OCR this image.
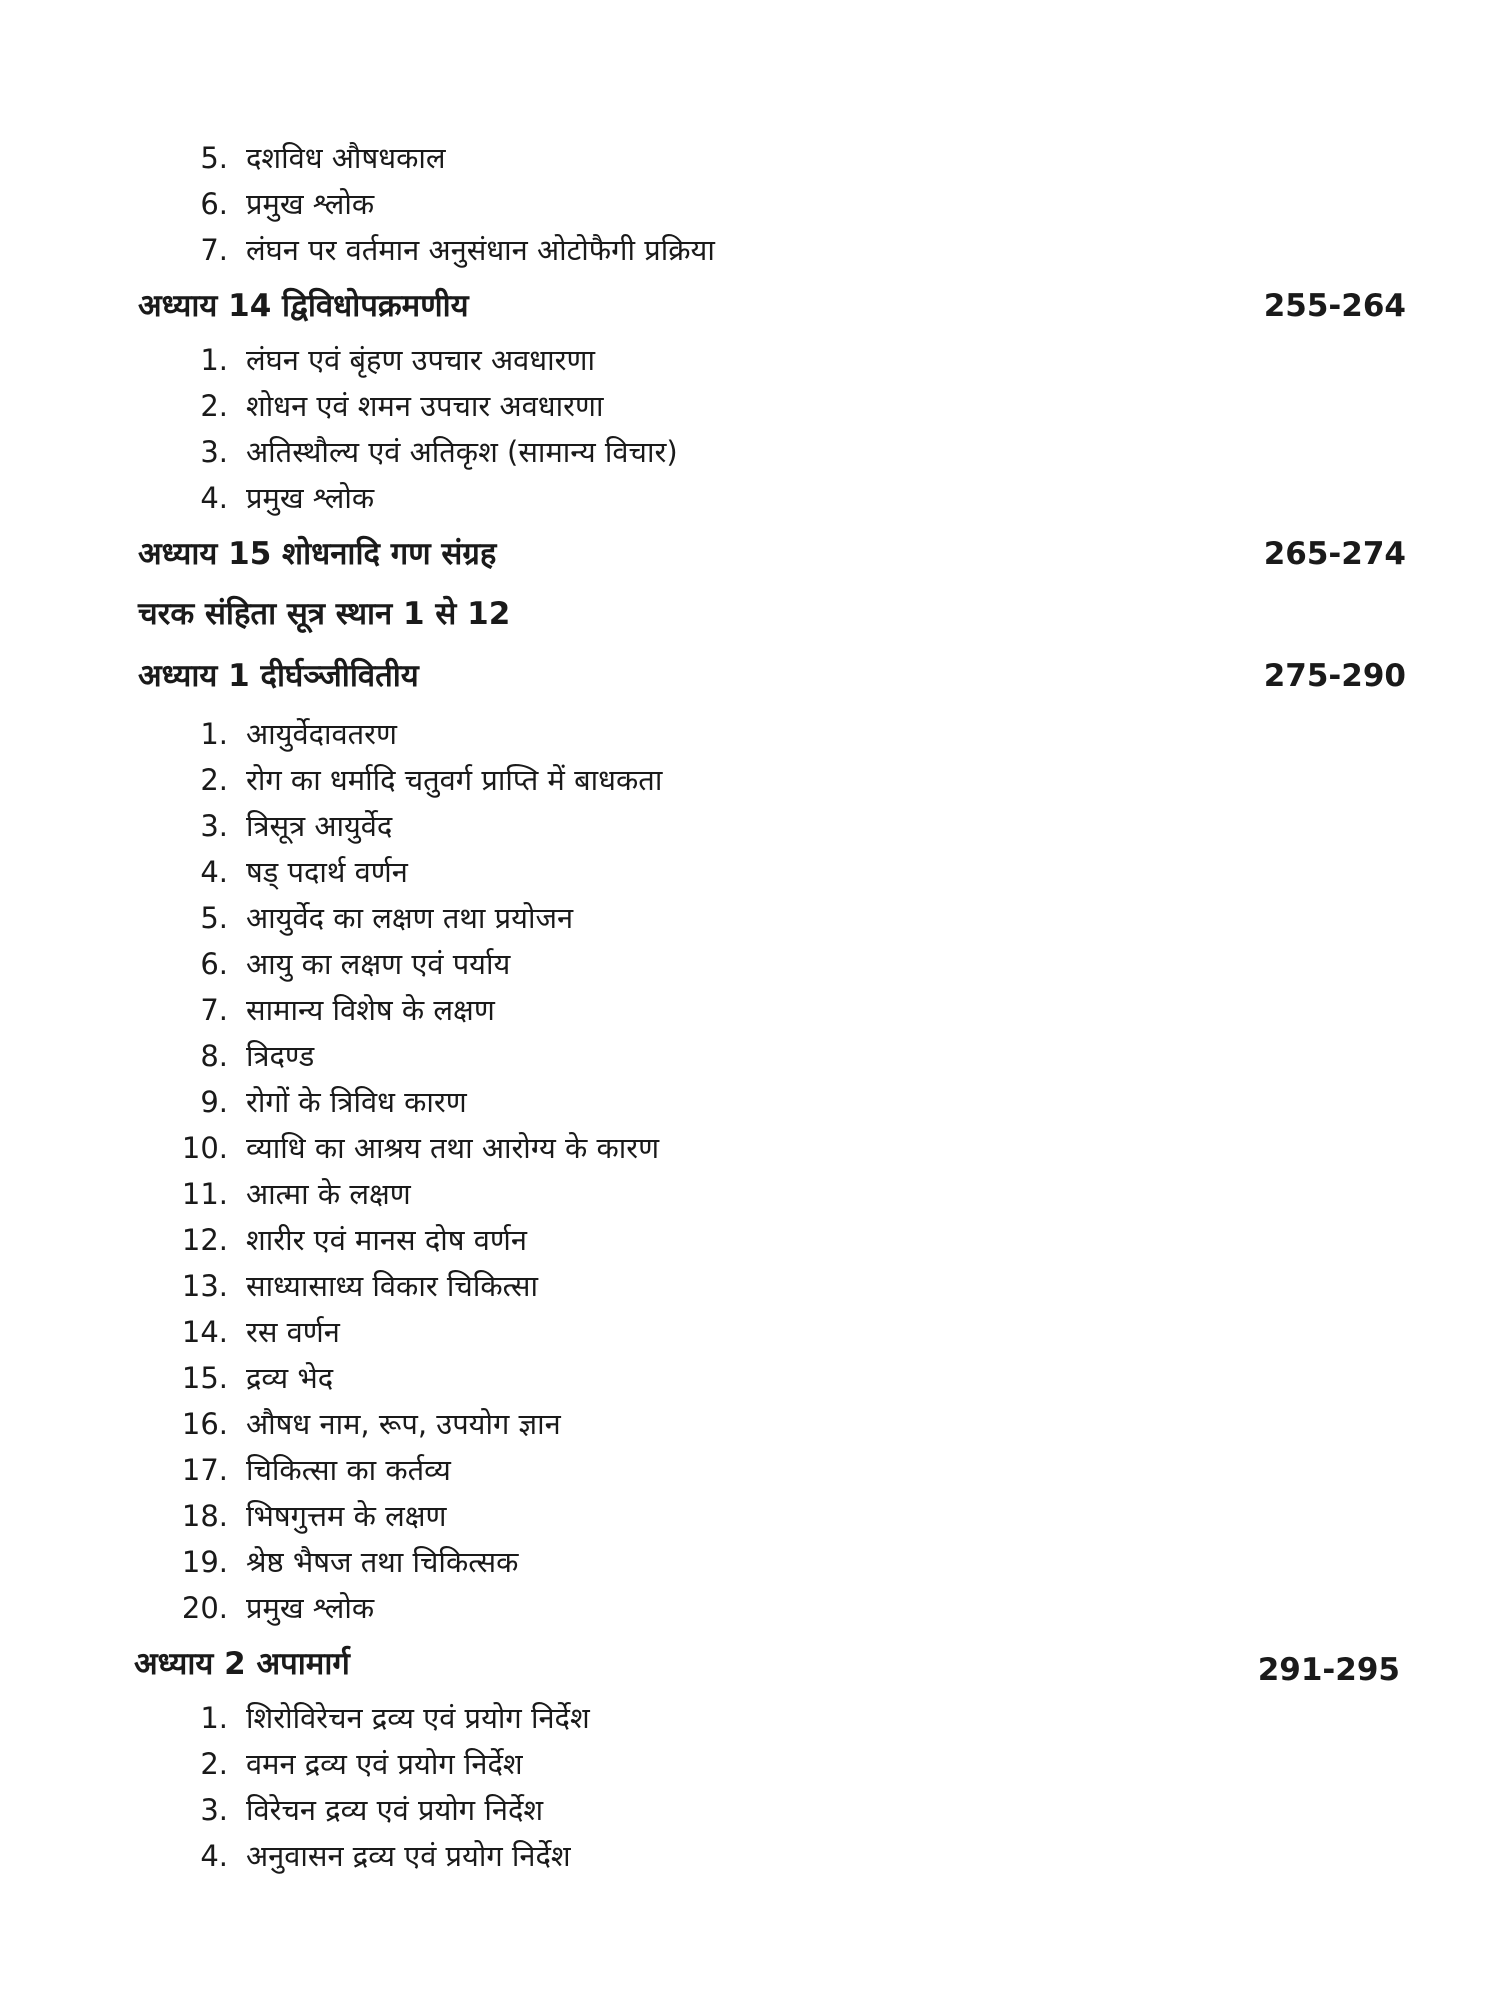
5. दशविध औषधकाल
6. प्रमुख श्लोक
7. लंघन पर वर्तमान अनुसंधान ओटोफैगी प्रक्रिया
अध्याय 14 द्विविधोपक्रमणीय	255-264
1. लंघन एवं बृंहण उपचार अवधारणा
2. शोधन एवं शमन उपचार अवधारणा
3. अतिस्थौल्य एवं अतिकृश (सामान्य विचार)
4. प्रमुख श्लोक
अध्याय 15 शोधनादि गण संग्रह	265-274
चरक संहिता सूत्र स्थान 1 से 12
अध्याय 1 दीर्घञ्जीवितीय	275-290
1. आयुर्वेदावतरण
2. रोग का धर्मादि चतुवर्ग प्राप्ति में बाधकता
3. त्रिसूत्र आयुर्वेद
4. षड् पदार्थ वर्णन
5. आयुर्वेद का लक्षण तथा प्रयोजन
6. आयु का लक्षण एवं पर्याय
7. सामान्य विशेष के लक्षण
8. त्रिदण्ड
9. रोगों के त्रिविध कारण
10. व्याधि का आश्रय तथा आरोग्य के कारण
11. आत्मा के लक्षण
12. शारीर एवं मानस दोष वर्णन
13. साध्यासाध्य विकार चिकित्सा
14. रस वर्णन
15. द्रव्य भेद
16. औषध नाम, रूप, उपयोग ज्ञान
17. चिकित्सा का कर्तव्य
18. भिषगुत्तम के लक्षण
19. श्रेष्ठ भैषज तथा चिकित्सक
20. प्रमुख श्लोक
अध्याय 2 अपामार्ग	291-295
1. शिरोविरेचन द्रव्य एवं प्रयोग निर्देश
2. वमन द्रव्य एवं प्रयोग निर्देश
3. विरेचन द्रव्य एवं प्रयोग निर्देश
4. अनुवासन द्रव्य एवं प्रयोग निर्देश
